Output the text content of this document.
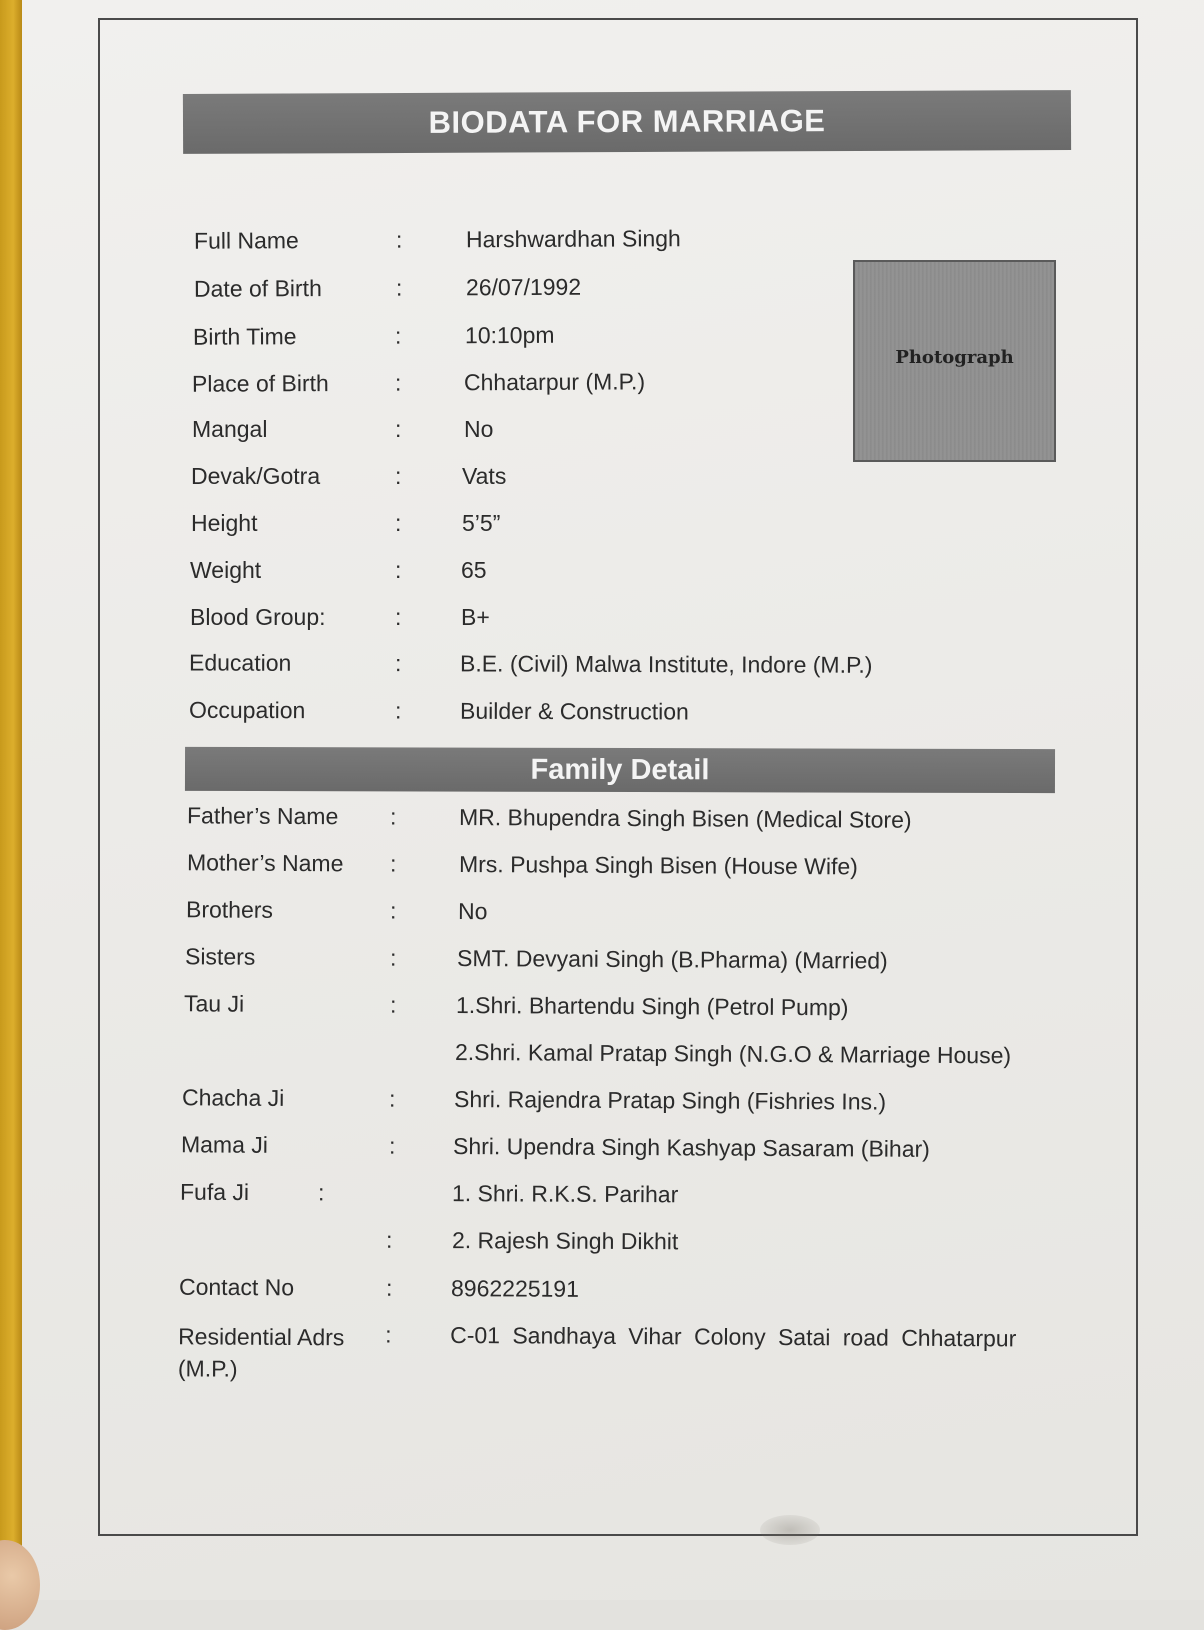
BIODATA FOR MARRIAGE
Photograph
Full Name	:	Harshwardhan Singh
Date of Birth	:	26/07/1992
Birth Time	:	10:10pm
Place of Birth	:	Chhatarpur (M.P.)
Mangal	:	No
Devak/Gotra	:	Vats
Height	:	5’5”
Weight	:	65
Blood Group:	:	B+
Education	:	B.E. (Civil) Malwa Institute, Indore (M.P.)
Occupation	:	Builder & Construction
Family Detail
Father’s Name :	MR. Bhupendra Singh Bisen (Medical Store)
Mother’s Name :	Mrs. Pushpa Singh Bisen (House Wife)
Brothers	:	No
Sisters	:	SMT. Devyani Singh (B.Pharma) (Married)
Tau Ji	:	1.Shri. Bhartendu Singh (Petrol Pump)
2.Shri. Kamal Pratap Singh (N.G.O & Marriage House)
Chacha Ji	:	Shri. Rajendra Pratap Singh (Fishries Ins.)
Mama Ji	: Shri. Upendra Singh Kashyap Sasaram (Bihar)
Fufa Ji	:	1. Shri. R.K.S. Parihar
:	2. Rajesh Singh Dikhit
Contact No	:	8962225191
Residential Adrs (M.P.)
:	C-01 Sandhaya Vihar Colony Satai road Chhatarpur
